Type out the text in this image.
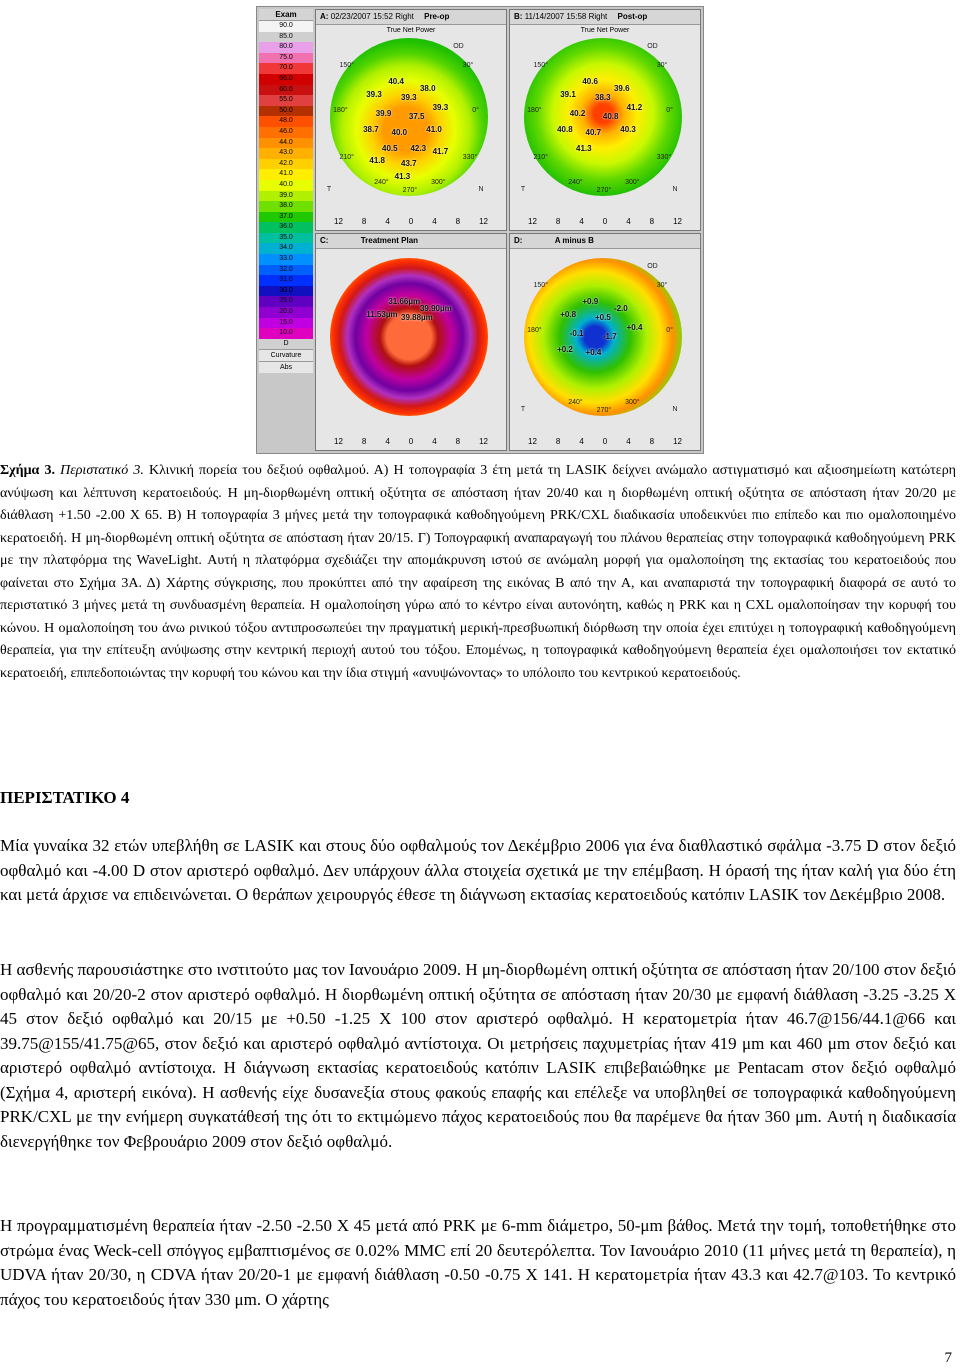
Exam
90.0
85.0
80.0
75.0
70.0
65.0
60.0
55.0
50.0
48.0
46.0
44.0
43.0
42.0
41.0
40.0
39.0
38.0
37.0
36.0
35.0
34.0
33.0
32.0
31.0
30.0
25.0
20.0
15.0
10.0
D
Curvature
Abs
A: 02/23/2007 15:52 Right Pre-op
True Net Power
40.4
39.3 39.3
38.0
39.9 37.5
39.3
38.7 40.0 41.0
40.5 42.3
41.8 43.7
41.7
41.3
OD
T	N
180°	0°
240°
270°
300°
150°	30°
210°	330°
12 8 4 0 4 8 12
B: 11/14/2007 15:58 Right Post-op
True Net Power
40.6
39.1 38.3
39.6
40.2 40.8
41.2
40.8 40.7 40.3
41.3
OD
T	N
180°	0°
240°
270°
300°
150°	30°
210°	330°
12 8 4 0 4 8 12
C:	Treatment Plan
31.66µm
11.53µm 39.88µm
39.90µm
12 8 4 0 4 8 12
D:	A minus B
+0.9
+0.8 +0.5
-2.0
-0.1 -1.7
+0.4
+0.2 +0.4
OD
T	N
180°	0°
240°
270°
300°
150°	30°
12 8 4 0 4 8 12
Σχήμα 3. Περιστατικό 3. Κλινική πορεία του δεξιού οφθαλμού. Α) Η τοπογραφία 3 έτη μετά τη LASIK δείχνει ανώμαλο αστιγματισμό και αξιοσημείωτη κατώτερη ανύψωση και λέπτυνση κερατοειδούς. Η μη-διορθωμένη οπτική οξύτητα σε απόσταση ήταν 20/40 και η διορθωμένη οπτική οξύτητα σε απόσταση ήταν 20/20 με διάθλαση +1.50 -2.00 X 65. Β) Η τοπογραφία 3 μήνες μετά την τοπογραφικά καθοδηγούμενη PRK/CXL διαδικασία υποδεικνύει πιο επίπεδο και πιο ομαλοποιημένο κερατοειδή. Η μη-διορθωμένη οπτική οξύτητα σε απόσταση ήταν 20/15. Γ) Τοπογραφική αναπαραγωγή του πλάνου θεραπείας στην τοπογραφικά καθοδηγούμενη PRK με την πλατφόρμα της WaveLight. Αυτή η πλατφόρμα σχεδιάζει την απομάκρυνση ιστού σε ανώμαλη μορφή για ομαλοποίηση της εκτασίας του κερατοειδούς που φαίνεται στο Σχήμα 3Α. Δ) Χάρτης σύγκρισης, που προκύπτει από την αφαίρεση της εικόνας Β από την Α, και αναπαριστά την τοπογραφική διαφορά σε αυτό το περιστατικό 3 μήνες μετά τη συνδυασμένη θεραπεία. Η ομαλοποίηση γύρω από το κέντρο είναι αυτονόητη, καθώς η PRK και η CXL ομαλοποίησαν την κορυφή του κώνου. Η ομαλοποίηση του άνω ρινικού τόξου αντιπροσωπεύει την πραγματική μερική-πρεσβυωπική διόρθωση την οποία έχει επιτύχει η τοπογραφική καθοδηγούμενη θεραπεία, για την επίτευξη ανύψωσης στην κεντρική περιοχή αυτού του τόξου. Επομένως, η τοπογραφικά καθοδηγούμενη θεραπεία έχει ομαλοποιήσει τον εκτατικό κερατοειδή, επιπεδοποιώντας την κορυφή του κώνου και την ίδια στιγμή «ανυψώνοντας» το υπόλοιπο του κεντρικού κερατοειδούς.
ΠΕΡΙΣΤΑΤΙΚΟ 4
Μία γυναίκα 32 ετών υπεβλήθη σε LASIK και στους δύο οφθαλμούς τον Δεκέμβριο 2006 για ένα διαθλαστικό σφάλμα -3.75 D στον δεξιό οφθαλμό και -4.00 D στον αριστερό οφθαλμό. Δεν υπάρχουν άλλα στοιχεία σχετικά με την επέμβαση. Η όρασή της ήταν καλή για δύο έτη και μετά άρχισε να επιδεινώνεται. Ο θεράπων χειρουργός έθεσε τη διάγνωση εκτασίας κερατοειδούς κατόπιν LASIK τον Δεκέμβριο 2008.
Η ασθενής παρουσιάστηκε στο ινστιτούτο μας τον Ιανουάριο 2009. Η μη-διορθωμένη οπτική οξύτητα σε απόσταση ήταν 20/100 στον δεξιό οφθαλμό και 20/20-2 στον αριστερό οφθαλμό. Η διορθωμένη οπτική οξύτητα σε απόσταση ήταν 20/30 με εμφανή διάθλαση -3.25 -3.25 X 45 στον δεξιό οφθαλμό και 20/15 με +0.50 -1.25 X 100 στον αριστερό οφθαλμό. Η κερατομετρία ήταν 46.7@156/44.1@66 και 39.75@155/41.75@65, στον δεξιό και αριστερό οφθαλμό αντίστοιχα. Οι μετρήσεις παχυμετρίας ήταν 419 μm και 460 μm στον δεξιό και αριστερό οφθαλμό αντίστοιχα. Η διάγνωση εκτασίας κερατοειδούς κατόπιν LASIK επιβεβαιώθηκε με Pentacam στον δεξιό οφθαλμό (Σχήμα 4, αριστερή εικόνα). Η ασθενής είχε δυσανεξία στους φακούς επαφής και επέλεξε να υποβληθεί σε τοπογραφικά καθοδηγούμενη PRK/CXL με την ενήμερη συγκατάθεσή της ότι το εκτιμώμενο πάχος κερατοειδούς που θα παρέμενε θα ήταν 360 μm. Αυτή η διαδικασία διενεργήθηκε τον Φεβρουάριο 2009 στον δεξιό οφθαλμό.
Η προγραμματισμένη θεραπεία ήταν -2.50 -2.50 X 45 μετά από PRK με 6-mm διάμετρο, 50-μm βάθος. Μετά την τομή, τοποθετήθηκε στο στρώμα ένας Weck-cell σπόγγος εμβαπτισμένος σε 0.02% MMC επί 20 δευτερόλεπτα. Τον Ιανουάριο 2010 (11 μήνες μετά τη θεραπεία), η UDVA ήταν 20/30, η CDVA ήταν 20/20-1 με εμφανή διάθλαση -0.50 -0.75 X 141. Η κερατομετρία ήταν 43.3 και 42.7@103. Το κεντρικό πάχος του κερατοειδούς ήταν 330 μm. Ο χάρτης
7
